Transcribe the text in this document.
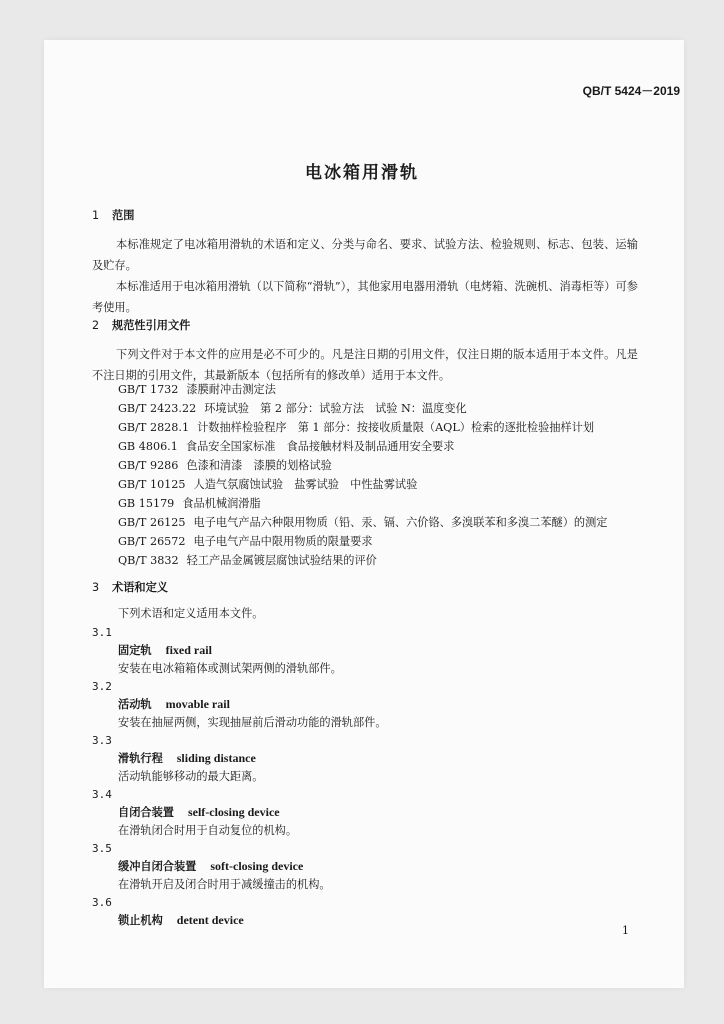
QB/T 5424－2019
电冰箱用滑轨
1 范围
本标准规定了电冰箱用滑轨的术语和定义、分类与命名、要求、试验方法、检验规则、标志、包装、运输及贮存。
本标准适用于电冰箱用滑轨（以下简称“滑轨”），其他家用电器用滑轨（电烤箱、洗碗机、消毒柜等）可参考使用。
2 规范性引用文件
下列文件对于本文件的应用是必不可少的。凡是注日期的引用文件，仅注日期的版本适用于本文件。凡是不注日期的引用文件，其最新版本（包括所有的修改单）适用于本文件。
GB/T 1732 漆膜耐冲击测定法
GB/T 2423.22 环境试验　第 2 部分：试验方法　试验 N：温度变化
GB/T 2828.1 计数抽样检验程序　第 1 部分：按接收质量限（AQL）检索的逐批检验抽样计划
GB 4806.1 食品安全国家标准　食品接触材料及制品通用安全要求
GB/T 9286 色漆和清漆　漆膜的划格试验
GB/T 10125 人造气氛腐蚀试验　盐雾试验　中性盐雾试验
GB 15179 食品机械润滑脂
GB/T 26125 电子电气产品六种限用物质（铅、汞、镉、六价铬、多溴联苯和多溴二苯醚）的测定
GB/T 26572 电子电气产品中限用物质的限量要求
QB/T 3832 轻工产品金属镀层腐蚀试验结果的评价
3 术语和定义
下列术语和定义适用本文件。
3.1
固定轨 fixed rail
安装在电冰箱箱体或测试架两侧的滑轨部件。
3.2
活动轨 movable rail
安装在抽屉两侧，实现抽屉前后滑动功能的滑轨部件。
3.3
滑轨行程 sliding distance
活动轨能够移动的最大距离。
3.4
自闭合装置 self-closing device
在滑轨闭合时用于自动复位的机构。
3.5
缓冲自闭合装置 soft-closing device
在滑轨开启及闭合时用于减缓撞击的机构。
3.6
锁止机构 detent device
1
